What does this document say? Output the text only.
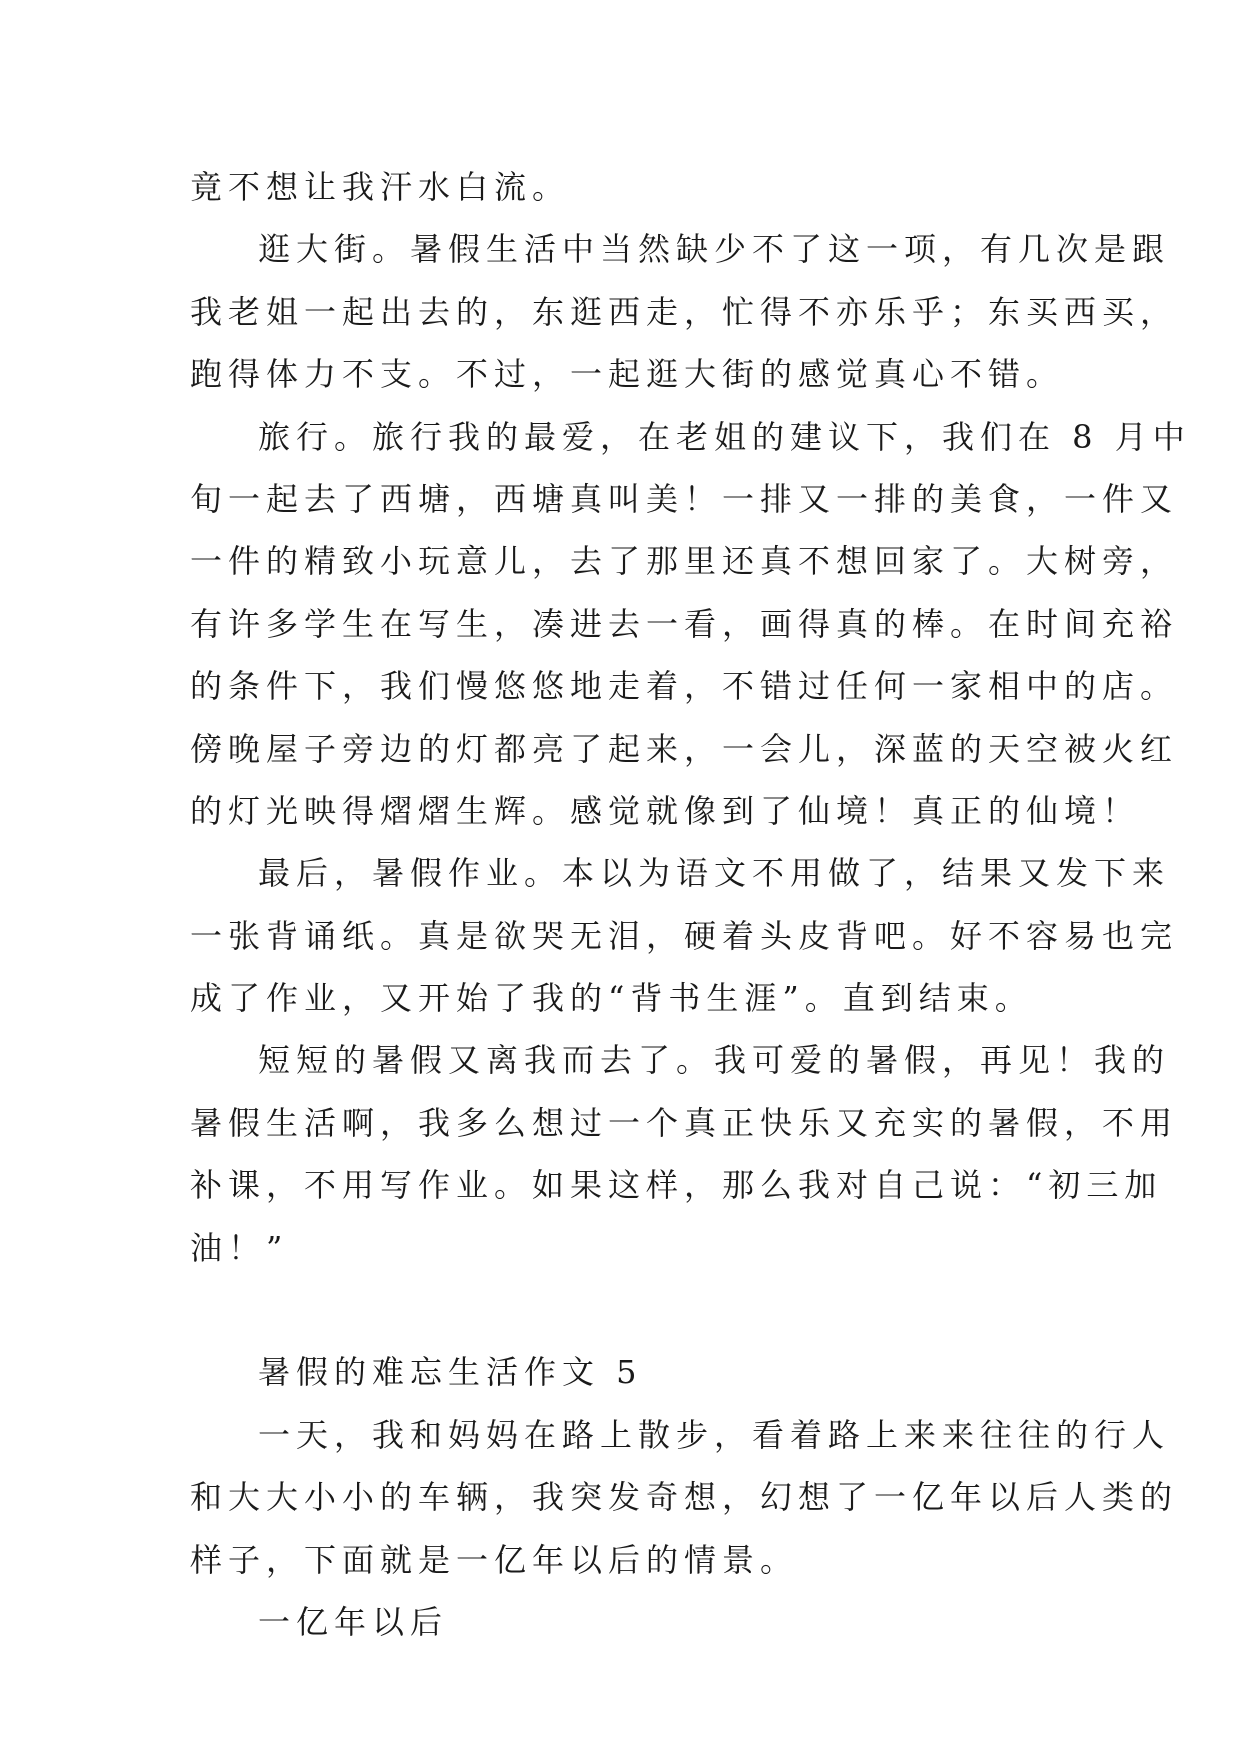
竟不想让我汗水白流。
逛大街。暑假生活中当然缺少不了这一项，有几次是跟
我老姐一起出去的，东逛西走，忙得不亦乐乎；东买西买，
跑得体力不支。不过，一起逛大街的感觉真心不错。
旅行。旅行我的最爱，在老姐的建议下，我们在 8 月中
旬一起去了西塘，西塘真叫美！一排又一排的美食，一件又
一件的精致小玩意儿，去了那里还真不想回家了。大树旁，
有许多学生在写生，凑进去一看，画得真的棒。在时间充裕
的条件下，我们慢悠悠地走着，不错过任何一家相中的店。
傍晚屋子旁边的灯都亮了起来，一会儿，深蓝的天空被火红
的灯光映得熠熠生辉。感觉就像到了仙境！真正的仙境！
最后，暑假作业。本以为语文不用做了，结果又发下来
一张背诵纸。真是欲哭无泪，硬着头皮背吧。好不容易也完
成了作业，又开始了我的“背书生涯”。直到结束。
短短的暑假又离我而去了。我可爱的暑假，再见！我的
暑假生活啊，我多么想过一个真正快乐又充实的暑假，不用
补课，不用写作业。如果这样，那么我对自己说：“初三加
油！”
暑假的难忘生活作文 5
一天，我和妈妈在路上散步，看着路上来来往往的行人
和大大小小的车辆，我突发奇想，幻想了一亿年以后人类的
样子，下面就是一亿年以后的情景。
一亿年以后
